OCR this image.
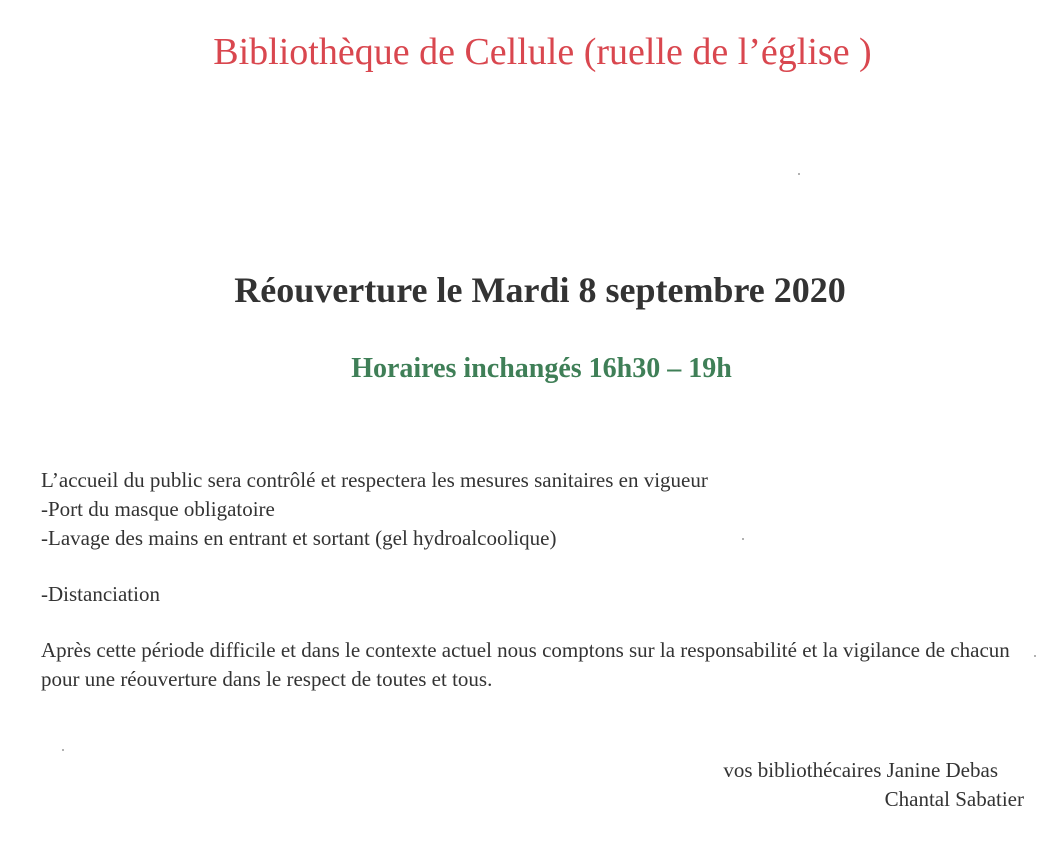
Bibliothèque de Cellule (ruelle de l’église )
Réouverture le Mardi 8 septembre 2020
Horaires inchangés 16h30 – 19h

L’accueil du public sera contrôlé et respectera les mesures sanitaires en vigueur

-Port du masque obligatoire

-Lavage des mains en entrant et sortant (gel hydroalcoolique)

-Distanciation

Après cette période difficile et dans le contexte actuel nous comptons sur la responsabilité et la vigilance de chacun pour une réouverture dans le respect de toutes et tous.

vos bibliothécaires Janine Debas
Chantal Sabatier
